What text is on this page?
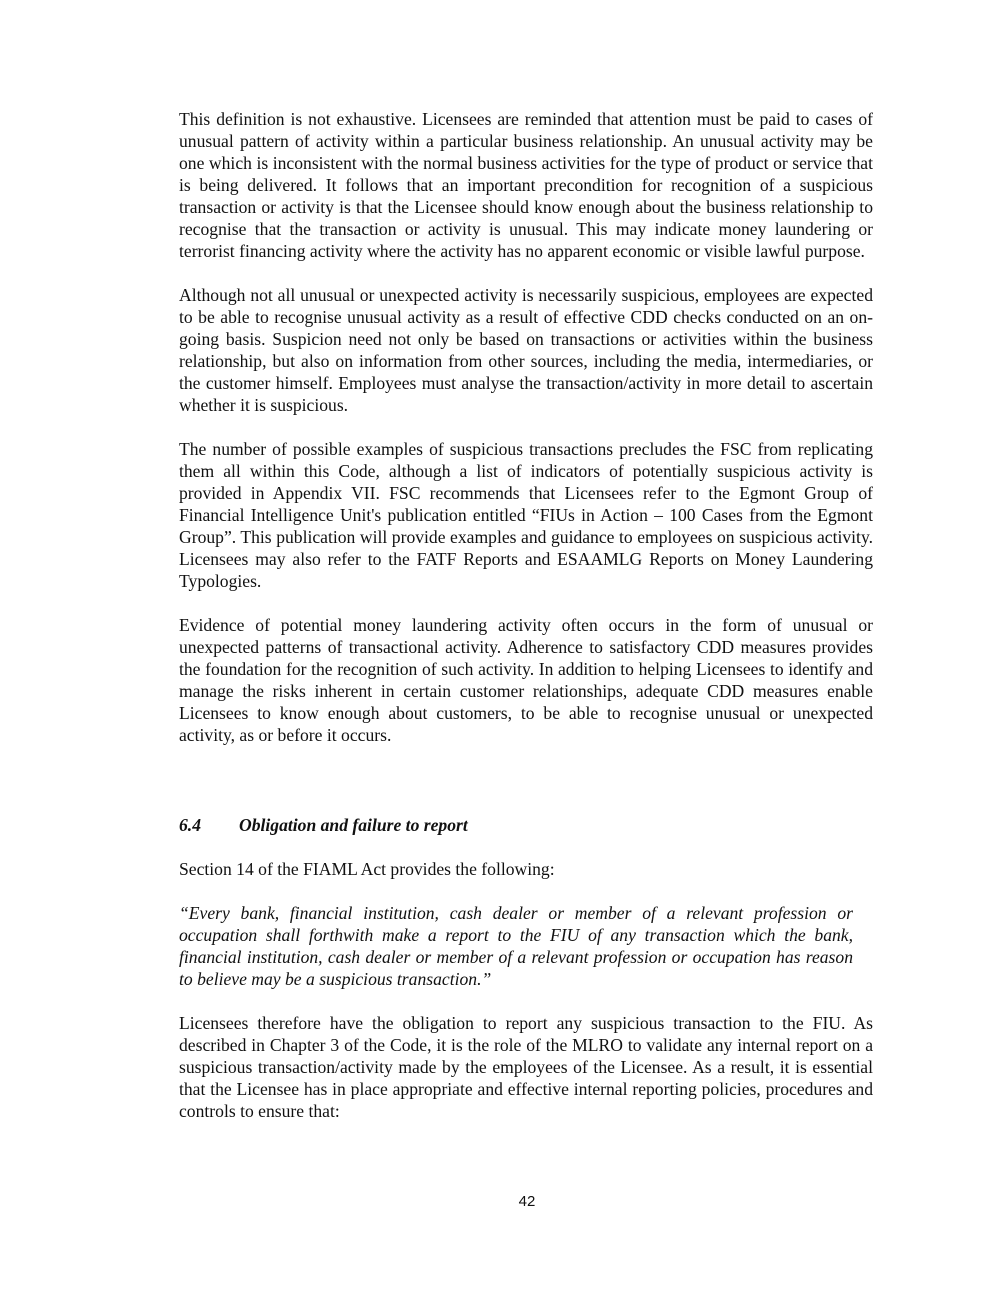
This definition is not exhaustive. Licensees are reminded that attention must be paid to cases of unusual pattern of activity within a particular business relationship. An unusual activity may be one which is inconsistent with the normal business activities for the type of product or service that is being delivered. It follows that an important precondition for recognition of a suspicious transaction or activity is that the Licensee should know enough about the business relationship to recognise that the transaction or activity is unusual. This may indicate money laundering or terrorist financing activity where the activity has no apparent economic or visible lawful purpose.

Although not all unusual or unexpected activity is necessarily suspicious, employees are expected to be able to recognise unusual activity as a result of effective CDD checks conducted on an on-going basis. Suspicion need not only be based on transactions or activities within the business relationship, but also on information from other sources, including the media, intermediaries, or the customer himself. Employees must analyse the transaction/activity in more detail to ascertain whether it is suspicious.

The number of possible examples of suspicious transactions precludes the FSC from replicating them all within this Code, although a list of indicators of potentially suspicious activity is provided in Appendix VII. FSC recommends that Licensees refer to the Egmont Group of Financial Intelligence Unit's publication entitled “FIUs in Action – 100 Cases from the Egmont Group”. This publication will provide examples and guidance to employees on suspicious activity. Licensees may also refer to the FATF Reports and ESAAMLG Reports on Money Laundering Typologies.

Evidence of potential money laundering activity often occurs in the form of unusual or unexpected patterns of transactional activity. Adherence to satisfactory CDD measures provides the foundation for the recognition of such activity. In addition to helping Licensees to identify and manage the risks inherent in certain customer relationships, adequate CDD measures enable Licensees to know enough about customers, to be able to recognise unusual or unexpected activity, as or before it occurs.

6.4	Obligation and failure to report

Section 14 of the FIAML Act provides the following:

“Every bank, financial institution, cash dealer or member of a relevant profession or occupation shall forthwith make a report to the FIU of any transaction which the bank, financial institution, cash dealer or member of a relevant profession or occupation has reason to believe may be a suspicious transaction.”

Licensees therefore have the obligation to report any suspicious transaction to the FIU. As described in Chapter 3 of the Code, it is the role of the MLRO to validate any internal report on a suspicious transaction/activity made by the employees of the Licensee. As a result, it is essential that the Licensee has in place appropriate and effective internal reporting policies, procedures and controls to ensure that:

42
